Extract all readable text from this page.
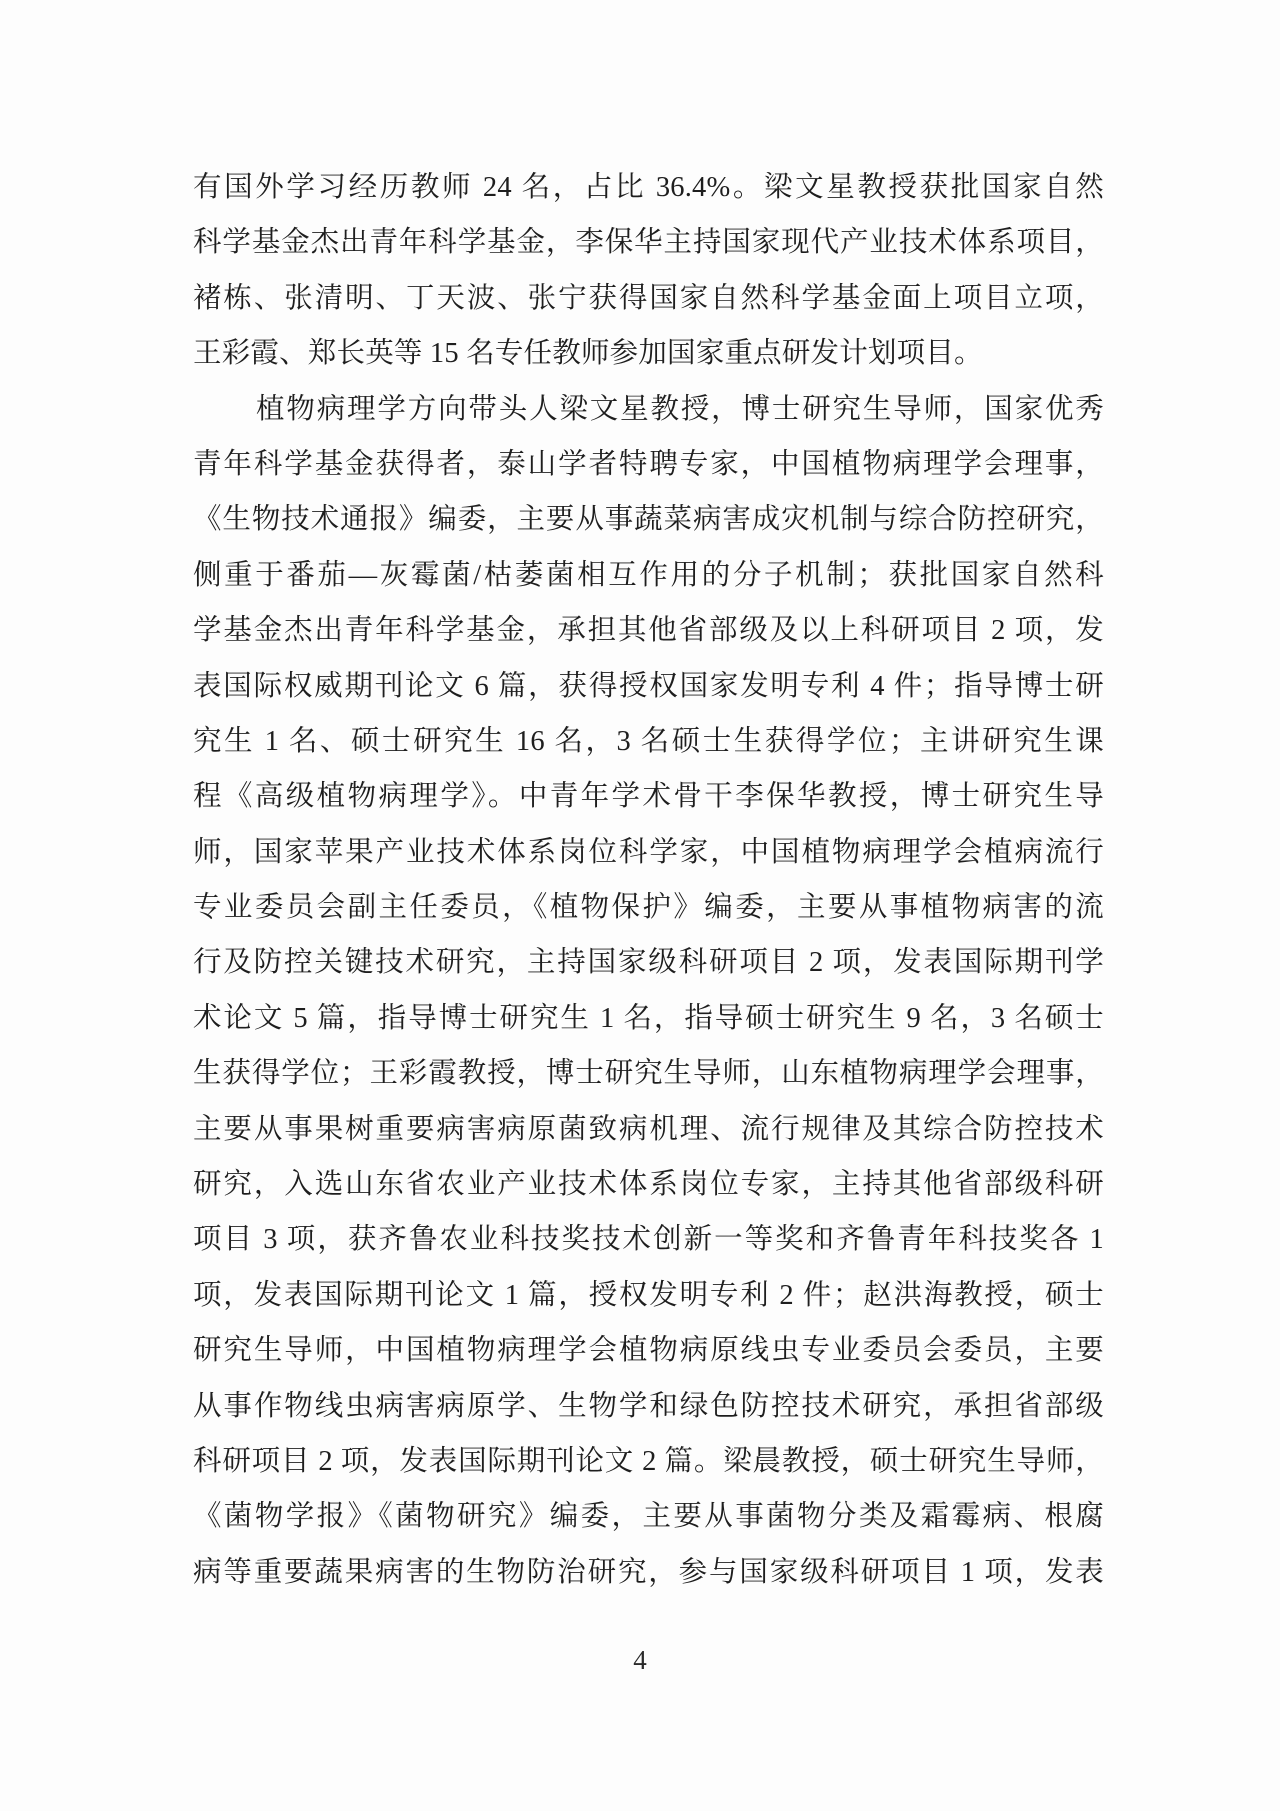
有国外学习经历教师 24 名，占比 36.4%。梁文星教授获批国家自然

科学基金杰出青年科学基金，李保华主持国家现代产业技术体系项目，

褚栋、张清明、丁天波、张宁获得国家自然科学基金面上项目立项，

王彩霞、郑长英等 15 名专任教师参加国家重点研发计划项目。

植物病理学方向带头人梁文星教授，博士研究生导师，国家优秀

青年科学基金获得者，泰山学者特聘专家，中国植物病理学会理事，

《生物技术通报》编委，主要从事蔬菜病害成灾机制与综合防控研究，

侧重于番茄—灰霉菌/枯萎菌相互作用的分子机制；获批国家自然科

学基金杰出青年科学基金，承担其他省部级及以上科研项目 2 项，发

表国际权威期刊论文 6 篇，获得授权国家发明专利 4 件；指导博士研

究生 1 名、硕士研究生 16 名，3 名硕士生获得学位；主讲研究生课

程《高级植物病理学》。中青年学术骨干李保华教授，博士研究生导

师，国家苹果产业技术体系岗位科学家，中国植物病理学会植病流行

专业委员会副主任委员，《植物保护》编委，主要从事植物病害的流

行及防控关键技术研究，主持国家级科研项目 2 项，发表国际期刊学

术论文 5 篇，指导博士研究生 1 名，指导硕士研究生 9 名，3 名硕士

生获得学位；王彩霞教授，博士研究生导师，山东植物病理学会理事，

主要从事果树重要病害病原菌致病机理、流行规律及其综合防控技术

研究，入选山东省农业产业技术体系岗位专家，主持其他省部级科研

项目 3 项，获齐鲁农业科技奖技术创新一等奖和齐鲁青年科技奖各 1

项，发表国际期刊论文 1 篇，授权发明专利 2 件；赵洪海教授，硕士

研究生导师，中国植物病理学会植物病原线虫专业委员会委员，主要

从事作物线虫病害病原学、生物学和绿色防控技术研究，承担省部级

科研项目 2 项，发表国际期刊论文 2 篇。梁晨教授，硕士研究生导师，

《菌物学报》《菌物研究》编委，主要从事菌物分类及霜霉病、根腐

病等重要蔬果病害的生物防治研究，参与国家级科研项目 1 项，发表

4
